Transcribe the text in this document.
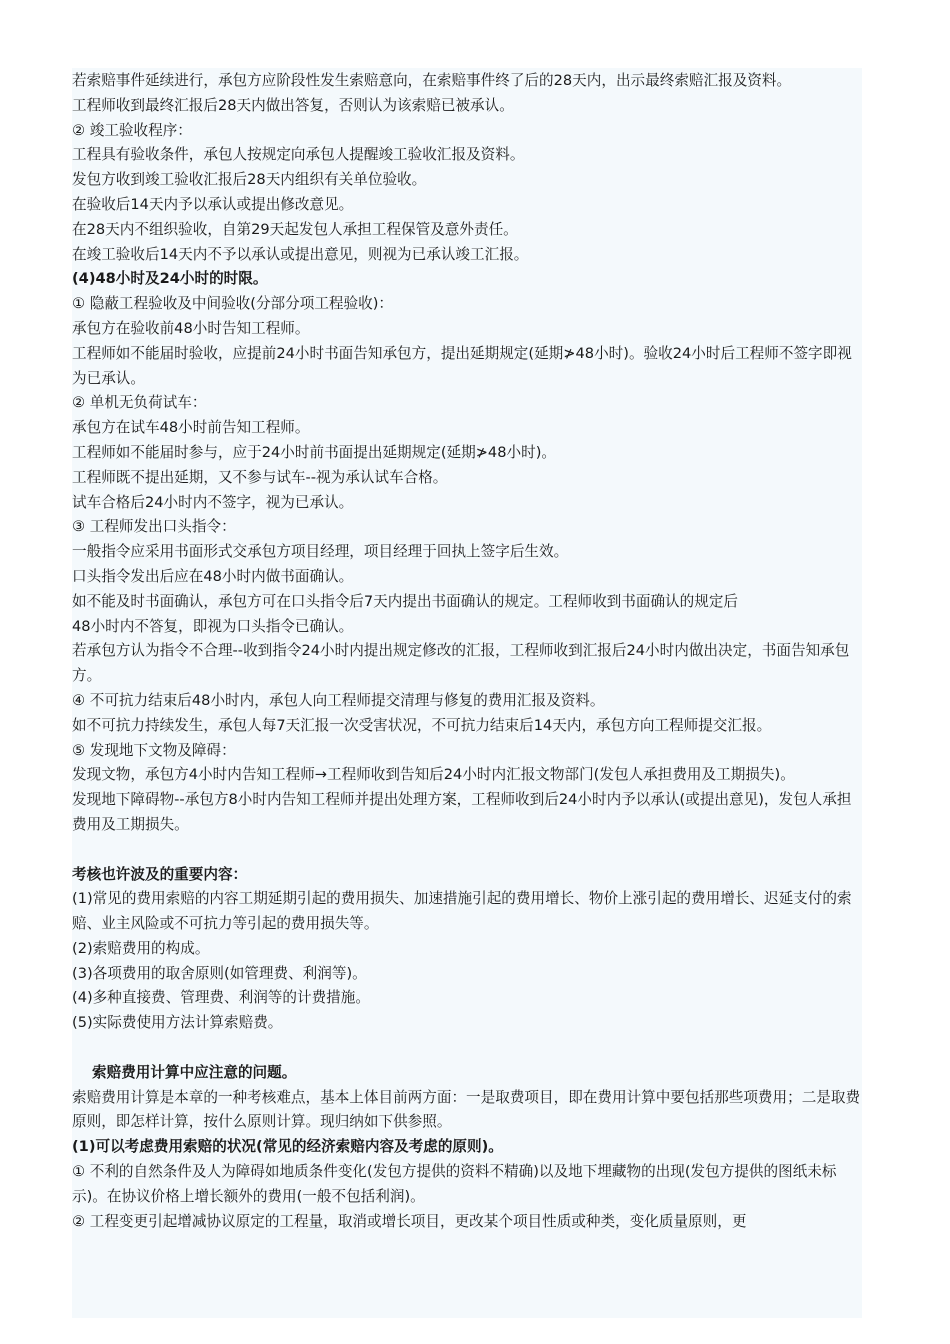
若索赔事件延续进行，承包方应阶段性发生索赔意向，在索赔事件终了后的28天内，出示最终索赔汇报及资料。

工程师收到最终汇报后28天内做出答复，否则认为该索赔已被承认。

② 竣工验收程序：

工程具有验收条件，承包人按规定向承包人提醒竣工验收汇报及资料。

发包方收到竣工验收汇报后28天内组织有关单位验收。

在验收后14天内予以承认或提出修改意见。

在28天内不组织验收，自第29天起发包人承担工程保管及意外责任。

在竣工验收后14天内不予以承认或提出意见，则视为已承认竣工汇报。

(4)48小时及24小时的时限。

① 隐蔽工程验收及中间验收(分部分项工程验收)：

承包方在验收前48小时告知工程师。

工程师如不能届时验收，应提前24小时书面告知承包方，提出延期规定(延期≯48小时)。验收24小时后工程师不签字即视为已承认。

② 单机无负荷试车：

承包方在试车48小时前告知工程师。

工程师如不能届时参与，应于24小时前书面提出延期规定(延期≯48小时)。

工程师既不提出延期，又不参与试车--视为承认试车合格。

试车合格后24小时内不签字，视为已承认。

③ 工程师发出口头指令：

一般指令应采用书面形式交承包方项目经理，项目经理于回执上签字后生效。

口头指令发出后应在48小时内做书面确认。

如不能及时书面确认，承包方可在口头指令后7天内提出书面确认的规定。工程师收到书面确认的规定后

48小时内不答复，即视为口头指令已确认。

若承包方认为指令不合理--收到指令24小时内提出规定修改的汇报，工程师收到汇报后24小时内做出决定，书面告知承包方。

④ 不可抗力结束后48小时内，承包人向工程师提交清理与修复的费用汇报及资料。

如不可抗力持续发生，承包人每7天汇报一次受害状况，不可抗力结束后14天内，承包方向工程师提交汇报。

⑤ 发现地下文物及障碍：

发现文物，承包方4小时内告知工程师→工程师收到告知后24小时内汇报文物部门(发包人承担费用及工期损失)。

发现地下障碍物--承包方8小时内告知工程师并提出处理方案，工程师收到后24小时内予以承认(或提出意见)，发包人承担费用及工期损失。

考核也许波及的重要内容：

(1)常见的费用索赔的内容工期延期引起的费用损失、加速措施引起的费用增长、物价上涨引起的费用增长、迟延支付的索赔、业主风险或不可抗力等引起的费用损失等。

(2)索赔费用的构成。

(3)各项费用的取舍原则(如管理费、利润等)。

(4)多种直接费、管理费、利润等的计费措施。

(5)实际费使用方法计算索赔费。

索赔费用计算中应注意的问题。

索赔费用计算是本章的一种考核难点，基本上体目前两方面：一是取费项目，即在费用计算中要包括那些项费用；二是取费原则，即怎样计算，按什么原则计算。现归纳如下供参照。

(1)可以考虑费用索赔的状况(常见的经济索赔内容及考虑的原则)。

① 不利的自然条件及人为障碍如地质条件变化(发包方提供的资料不精确)以及地下埋藏物的出现(发包方提供的图纸未标示)。在协议价格上增长额外的费用(一般不包括利润)。

② 工程变更引起增减协议原定的工程量，取消或增长项目，更改某个项目性质或种类，变化质量原则，更
